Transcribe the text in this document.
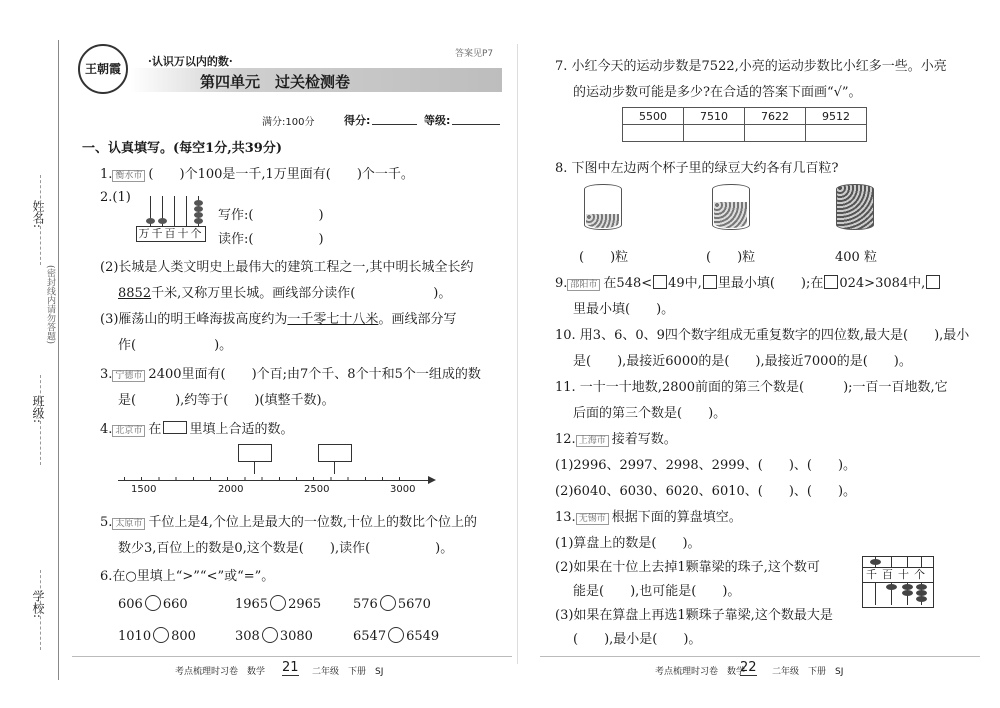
姓名:
班级:
学校:
(密封线内请勿答题)
王朝霞
·认识万以内的数·
答案见P7
第四单元　过关检测卷
满分:100分	得分:	等级:
一、认真填写。(每空1分,共39分)
1. 衡水市 (　　)个100是一千,1万里面有(　　)个一千。
2.(1)
万千百十个
写作:(　　　　　)
读作:(　　　　　)
(2)长城是人类文明史上最伟大的建筑工程之一,其中明长城全长约
8852千米,又称万里长城。画线部分读作(　　　　　　)。
(3)雁荡山的明王峰海拔高度约为一千零七十八米。画线部分写
作(　　　　　　)。
3. 宁德市 2400里面有(　　)个百;由7个千、8个十和5个一组成的数
是(　　　),约等于(　　)(填整千数)。
4. 北京市 在 里填上合适的数。
1500	2000	2500	3000
5. 太原市 千位上是4,个位上是最大的一位数,十位上的数比个位上的
数少3,百位上的数是0,这个数是(　　),读作(　　　　　)。
6.在○里填上“>”“<”或“=”。
606 660	1965 2965 576 5670
1010 800	308 3080	6547 6549
考点梳理时习卷　数学 21 二年级　下册　SJ
7. 小红今天的运动步数是7522,小亮的运动步数比小红多一些。小亮
的运动步数可能是多少?在合适的答案下面画“√”。
5500	7510	7622	9512

8. 下图中左边两个杯子里的绿豆大约各有几百粒?
(　　)粒	(　　)粒	400 粒
9. 邵阳市 在548< 49中, 里最小填(　　);在 024>3084中,
里最小填(　　)。
10. 用3、6、0、9四个数字组成无重复数字的四位数,最大是(　　),最小
是(　　),最接近6000的是(　　),最接近7000的是(　　)。
11. 一十一十地数,2800前面的第三个数是(　　　);一百一百地数,它
后面的第三个数是(　　)。
12. 上海市 接着写数。
(1)2996、2997、2998、2999、(　　)、(　　)。
(2)6040、6030、6020、6010、(　　)、(　　)。
13. 无锡市 根据下面的算盘填空。
(1)算盘上的数是(　　)。
(2)如果在十位上去掉1颗靠梁的珠子,这个数可
能是(　　),也可能是(　　)。
(3)如果在算盘上再选1颗珠子靠梁,这个数最大是
(　　),最小是(　　)。
千百十个
考点梳理时习卷　数学
22 二年级　下册　SJ
